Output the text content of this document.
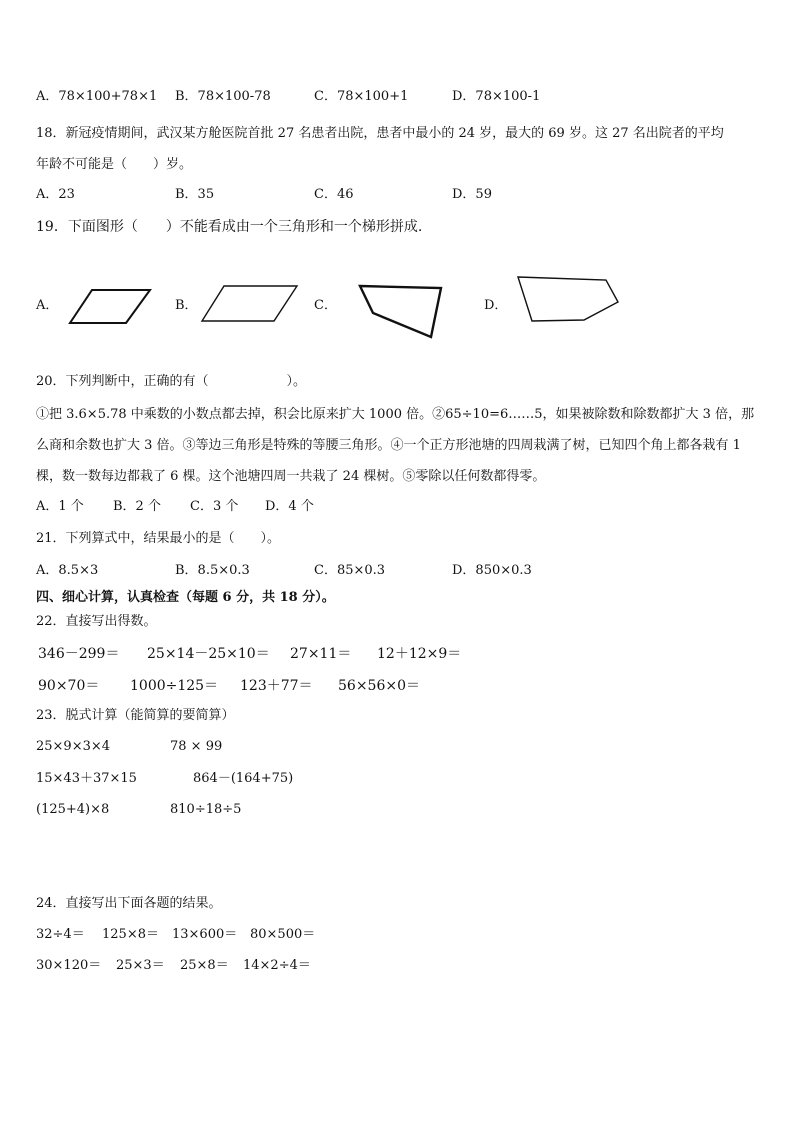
A．78×100+78×1 B．78×100-78	C．78×100+1	D．78×100-1
18．新冠疫情期间，武汉某方舱医院首批 27 名患者出院，患者中最小的 24 岁，最大的 69 岁。这 27 名出院者的平均
年龄不可能是（　　）岁。
A．23	B．35	C．46	D．59
19．下面图形（　　）不能看成由一个三角形和一个梯形拼成.
A．	B．	C．	D．
20．下列判断中，正确的有（　　　　　　）。
①把 3.6×5.78 中乘数的小数点都去掉，积会比原来扩大 1000 倍。②65÷10=6……5，如果被除数和除数都扩大 3 倍，那么商和余数也扩大 3 倍。③等边三角形是特殊的等腰三角形。④一个正方形池塘的四周栽满了树，已知四个角上都各栽有 1 棵，数一数每边都栽了 6 棵。这个池塘四周一共栽了 24 棵树。⑤零除以任何数都得零。
A．1 个 B．2 个 C．3 个 D．4 个
21．下列算式中，结果最小的是（　　）。
A．8.5×3	B．8.5×0.3	C．85×0.3	D．850×0.3
四、细心计算，认真检查（每题 6 分，共 18 分）。
22．直接写出得数。
346－299＝ 25×14－25×10＝ 27×11＝ 12＋12×9＝
90×70＝ 1000÷125＝ 123＋77＝ 56×56×0＝
23．脱式计算（能简算的要简算）
25×9×3×4	78 × 99
15×43＋37×15	864－(164+75)
(125+4)×8	810÷18÷5
24．直接写出下面各题的结果。
32÷4＝ 125×8＝ 13×600＝ 80×500＝
30×120＝ 25×3＝ 25×8＝ 14×2÷4＝
